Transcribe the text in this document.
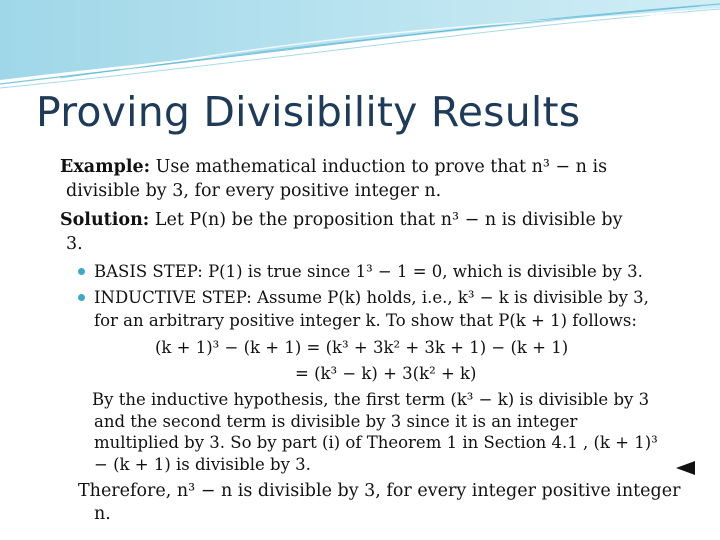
Proving Divisibility Results
Example: Use mathematical induction to prove that n³ − n is
divisible by 3, for every positive integer n.
Solution: Let P(n) be the proposition that n³ − n is divisible by
3.
BASIS STEP: P(1) is true since 1³ − 1 = 0, which is divisible by 3.
INDUCTIVE STEP: Assume P(k) holds, i.e., k³ − k is divisible by 3,
for an arbitrary positive integer k. To show that P(k + 1) follows:
(k + 1)³ − (k + 1) = (k³ + 3k² + 3k + 1) − (k + 1)
= (k³ − k) + 3(k² + k)
By the inductive hypothesis, the first term (k³ − k) is divisible by 3
and the second term is divisible by 3 since it is an integer
multiplied by 3. So by part (i) of Theorem 1 in Section 4.1 , (k + 1)³
− (k + 1) is divisible by 3.
Therefore, n³ − n is divisible by 3, for every integer positive integer
n.
